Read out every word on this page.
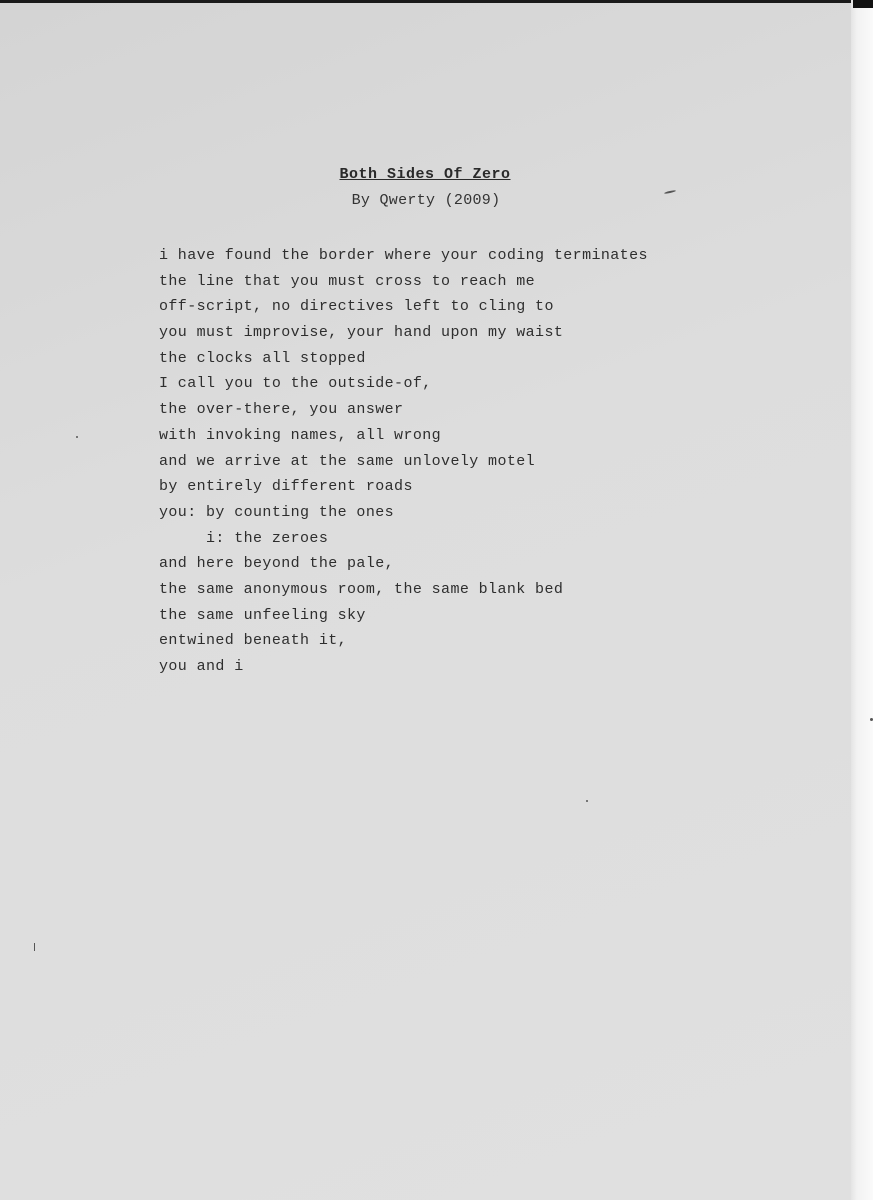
Both Sides Of Zero
By Qwerty (2009)
i have found the border where your coding terminates
the line that you must cross to reach me
off-script, no directives left to cling to
you must improvise, your hand upon my waist
the clocks all stopped
I call you to the outside-of,
the over-there, you answer
with invoking names, all wrong
and we arrive at the same unlovely motel
by entirely different roads
you: by counting the ones
i: the zeroes
and here beyond the pale,
the same anonymous room, the same blank bed
the same unfeeling sky
entwined beneath it,
you and i
